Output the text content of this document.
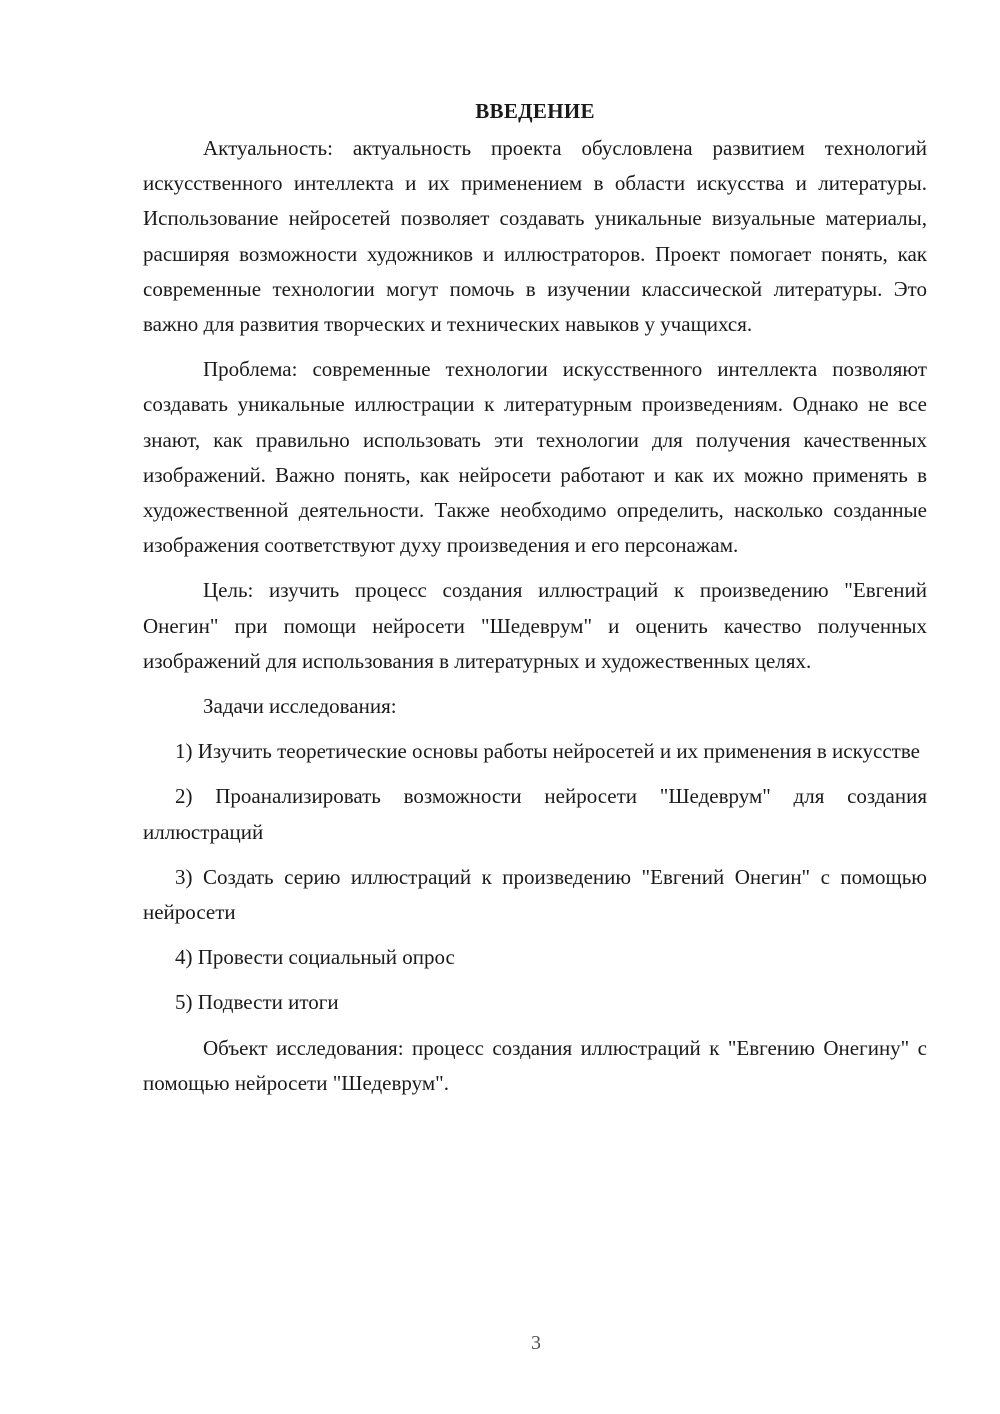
ВВЕДЕНИЕ

Актуальность: актуальность проекта обусловлена развитием технологий искусственного интеллекта и их применением в области искусства и литературы. Использование нейросетей позволяет создавать уникальные визуальные материалы, расширяя возможности художников и иллюстраторов. Проект помогает понять, как современные технологии могут помочь в изучении классической литературы. Это важно для развития творческих и технических навыков у учащихся.

Проблема: современные технологии искусственного интеллекта позволяют создавать уникальные иллюстрации к литературным произведениям. Однако не все знают, как правильно использовать эти технологии для получения качественных изображений. Важно понять, как нейросети работают и как их можно применять в художественной деятельности. Также необходимо определить, насколько созданные изображения соответствуют духу произведения и его персонажам.

Цель: изучить процесс создания иллюстраций к произведению "Евгений Онегин" при помощи нейросети "Шедеврум" и оценить качество полученных изображений для использования в литературных и художественных целях.

Задачи исследования:

1) Изучить теоретические основы работы нейросетей и их применения в искусстве

2) Проанализировать возможности нейросети "Шедеврум" для создания иллюстраций

3) Создать серию иллюстраций к произведению "Евгений Онегин" с помощью нейросети

4) Провести социальный опрос

5) Подвести итоги

Объект исследования: процесс создания иллюстраций к "Евгению Онегину" с помощью нейросети "Шедеврум".

3
